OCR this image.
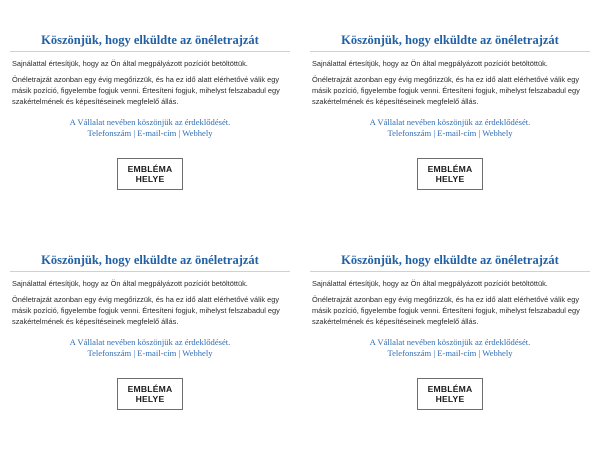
Köszönjük, hogy elküldte az önéletrajzát

Sajnálattal értesítjük, hogy az Ön által megpályázott pozíciót betöltöttük.

Önéletrajzát azonban egy évig megőrizzük, és ha ez idő alatt elérhetővé válik egy másik pozíció, figyelembe fogjuk venni. Értesíteni fogjuk, mihelyst felszabadul egy szakértelmének és képesítéseinek megfelelő állás.

A Vállalat nevében köszönjük az érdeklődését.
Telefonszám | E-mail-cím | Webhely
EMBLÉMA
HELYE
Köszönjük, hogy elküldte az önéletrajzát

Sajnálattal értesítjük, hogy az Ön által megpályázott pozíciót betöltöttük.

Önéletrajzát azonban egy évig megőrizzük, és ha ez idő alatt elérhetővé válik egy másik pozíció, figyelembe fogjuk venni. Értesíteni fogjuk, mihelyst felszabadul egy szakértelmének és képesítéseinek megfelelő állás.

A Vállalat nevében köszönjük az érdeklődését.
Telefonszám | E-mail-cím | Webhely
EMBLÉMA
HELYE
Köszönjük, hogy elküldte az önéletrajzát

Sajnálattal értesítjük, hogy az Ön által megpályázott pozíciót betöltöttük.

Önéletrajzát azonban egy évig megőrizzük, és ha ez idő alatt elérhetővé válik egy másik pozíció, figyelembe fogjuk venni. Értesíteni fogjuk, mihelyst felszabadul egy szakértelmének és képesítéseinek megfelelő állás.

A Vállalat nevében köszönjük az érdeklődését.
Telefonszám | E-mail-cím | Webhely
EMBLÉMA
HELYE
Köszönjük, hogy elküldte az önéletrajzát

Sajnálattal értesítjük, hogy az Ön által megpályázott pozíciót betöltöttük.

Önéletrajzát azonban egy évig megőrizzük, és ha ez idő alatt elérhetővé válik egy másik pozíció, figyelembe fogjuk venni. Értesíteni fogjuk, mihelyst felszabadul egy szakértelmének és képesítéseinek megfelelő állás.

A Vállalat nevében köszönjük az érdeklődését.
Telefonszám | E-mail-cím | Webhely
EMBLÉMA
HELYE
